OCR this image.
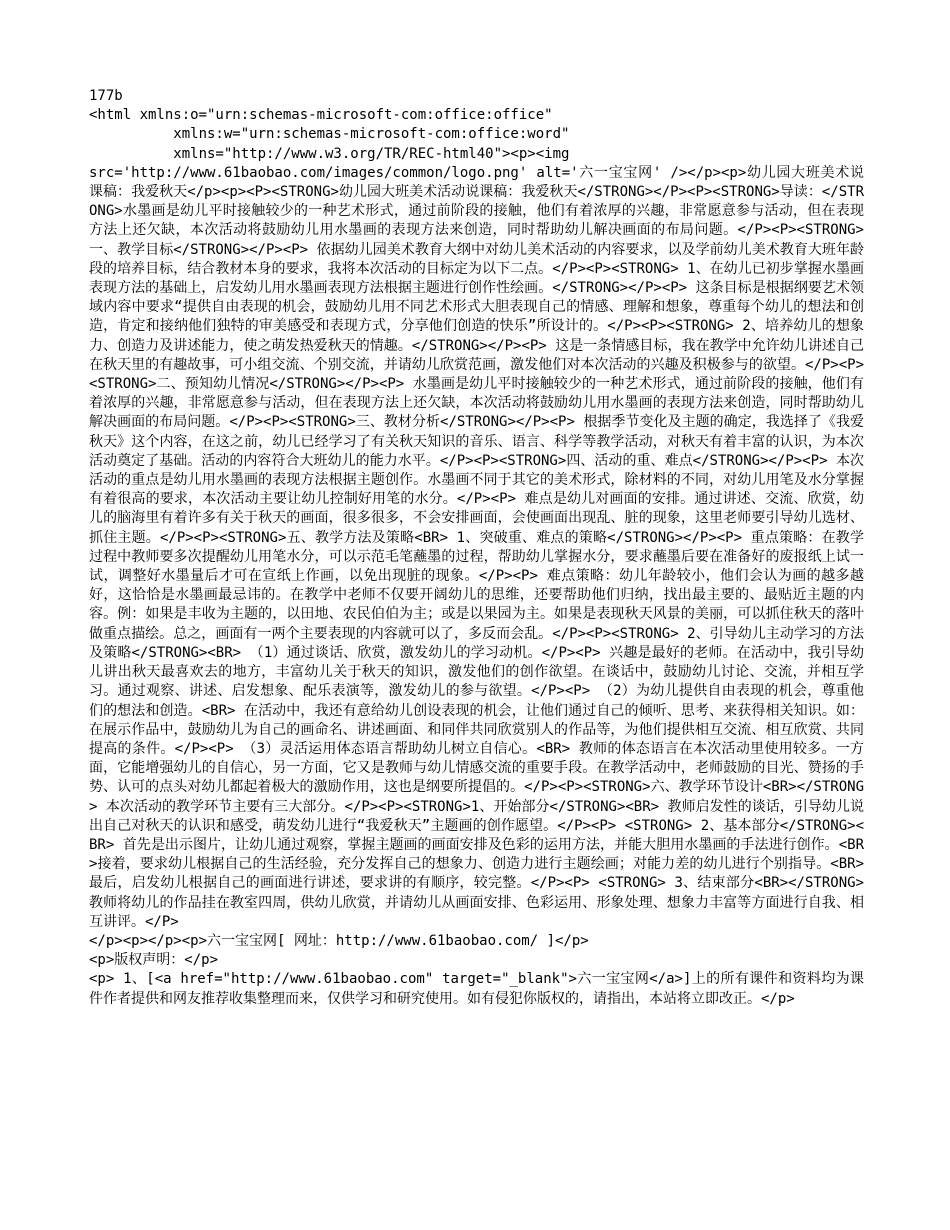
177b
<html xmlns:o="urn:schemas-microsoft-com:office:office"
xmlns:w="urn:schemas-microsoft-com:office:word"
xmlns="http://www.w3.org/TR/REC-html40"><p><img
src='http://www.61baobao.com/images/common/logo.png' alt='六一宝宝网' /></p><p>幼儿园大班美术说课稿：我爱秋天</p><p><P><STRONG>幼儿园大班美术活动说课稿：我爱秋天</STRONG></P><P><STRONG>导读：</STRONG>水墨画是幼儿平时接触较少的一种艺术形式，通过前阶段的接触，他们有着浓厚的兴趣，非常愿意参与活动，但在表现方法上还欠缺，本次活动将鼓励幼儿用水墨画的表现方法来创造，同时帮助幼儿解决画面的布局问题。</P><P><STRONG>一、教学目标</STRONG></P><P> 依据幼儿园美术教育大纲中对幼儿美术活动的内容要求，以及学前幼儿美术教育大班年龄段的培养目标，结合教材本身的要求，我将本次活动的目标定为以下二点。</P><P><STRONG> 1、在幼儿已初步掌握水墨画表现方法的基础上，启发幼儿用水墨画表现方法根据主题进行创作性绘画。</STRONG></P><P> 这条目标是根据纲要艺术领域内容中要求“提供自由表现的机会，鼓励幼儿用不同艺术形式大胆表现自己的情感、理解和想象，尊重每个幼儿的想法和创造，肯定和接纳他们独特的审美感受和表现方式，分享他们创造的快乐”所设计的。</P><P><STRONG> 2、培养幼儿的想象力、创造力及讲述能力，使之萌发热爱秋天的情趣。</STRONG></P><P> 这是一条情感目标，我在教学中允许幼儿讲述自己在秋天里的有趣故事，可小组交流、个别交流，并请幼儿欣赏范画，激发他们对本次活动的兴趣及积极参与的欲望。</P><P><STRONG>二、预知幼儿情况</STRONG></P><P> 水墨画是幼儿平时接触较少的一种艺术形式，通过前阶段的接触，他们有着浓厚的兴趣，非常愿意参与活动，但在表现方法上还欠缺，本次活动将鼓励幼儿用水墨画的表现方法来创造，同时帮助幼儿解决画面的布局问题。</P><P><STRONG>三、教材分析</STRONG></P><P> 根据季节变化及主题的确定，我选择了《我爱秋天》这个内容，在这之前，幼儿已经学习了有关秋天知识的音乐、语言、科学等教学活动，对秋天有着丰富的认识，为本次活动奠定了基础。活动的内容符合大班幼儿的能力水平。</P><P><STRONG>四、活动的重、难点</STRONG></P><P> 本次活动的重点是幼儿用水墨画的表现方法根据主题创作。水墨画不同于其它的美术形式，除材料的不同，对幼儿用笔及水分掌握有着很高的要求，本次活动主要让幼儿控制好用笔的水分。</P><P> 难点是幼儿对画面的安排。通过讲述、交流、欣赏，幼儿的脑海里有着许多有关于秋天的画面，很多很多，不会安排画面，会使画面出现乱、脏的现象，这里老师要引导幼儿选材、抓住主题。</P><P><STRONG>五、教学方法及策略<BR> 1、突破重、难点的策略</STRONG></P><P> 重点策略：在教学过程中教师要多次提醒幼儿用笔水分，可以示范毛笔蘸墨的过程，帮助幼儿掌握水分，要求蘸墨后要在准备好的废报纸上试一试，调整好水墨量后才可在宣纸上作画，以免出现脏的现象。</P><P> 难点策略：幼儿年龄较小，他们会认为画的越多越好，这恰恰是水墨画最忌讳的。在教学中老师不仅要开阔幼儿的思维，还要帮助他们归纳，找出最主要的、最贴近主题的内容。例：如果是丰收为主题的，以田地、农民伯伯为主；或是以果园为主。如果是表现秋天风景的美丽，可以抓住秋天的落叶做重点描绘。总之，画面有一两个主要表现的内容就可以了，多反而会乱。</P><P><STRONG> 2、引导幼儿主动学习的方法及策略</STRONG><BR> （1）通过谈话、欣赏，激发幼儿的学习动机。</P><P> 兴趣是最好的老师。在活动中，我引导幼儿讲出秋天最喜欢去的地方，丰富幼儿关于秋天的知识，激发他们的创作欲望。在谈话中，鼓励幼儿讨论、交流，并相互学习。通过观察、讲述、启发想象、配乐表演等，激发幼儿的参与欲望。</P><P> （2）为幼儿提供自由表现的机会，尊重他们的想法和创造。<BR> 在活动中，我还有意给幼儿创设表现的机会，让他们通过自己的倾听、思考、来获得相关知识。如：在展示作品中，鼓励幼儿为自己的画命名、讲述画面、和同伴共同欣赏别人的作品等，为他们提供相互交流、相互欣赏、共同提高的条件。</P><P> （3）灵活运用体态语言帮助幼儿树立自信心。<BR> 教师的体态语言在本次活动里使用较多。一方面，它能增强幼儿的自信心，另一方面，它又是教师与幼儿情感交流的重要手段。在教学活动中，老师鼓励的目光、赞扬的手势、认可的点头对幼儿都起着极大的激励作用，这也是纲要所提倡的。</P><P><STRONG>六、教学环节设计<BR></STRONG> 本次活动的教学环节主要有三大部分。</P><P><STRONG>1、开始部分</STRONG><BR> 教师启发性的谈话，引导幼儿说出自己对秋天的认识和感受，萌发幼儿进行“我爱秋天”主题画的创作愿望。</P><P> <STRONG> 2、基本部分</STRONG><BR> 首先是出示图片，让幼儿通过观察，掌握主题画的画面安排及色彩的运用方法，并能大胆用水墨画的手法进行创作。<BR>接着，要求幼儿根据自己的生活经验，充分发挥自己的想象力、创造力进行主题绘画；对能力差的幼儿进行个别指导。<BR> 最后，启发幼儿根据自己的画面进行讲述，要求讲的有顺序，较完整。</P><P> <STRONG> 3、结束部分<BR></STRONG> 教师将幼儿的作品挂在教室四周，供幼儿欣赏，并请幼儿从画面安排、色彩运用、形象处理、想象力丰富等方面进行自我、相互讲评。</P>
</p><p></p><p>六一宝宝网[ 网址：http://www.61baobao.com/ ]</p>
<p>版权声明：</p>
<p> 1、[<a href="http://www.61baobao.com" target="_blank">六一宝宝网</a>]上的所有课件和资料均为课件作者提供和网友推荐收集整理而来，仅供学习和研究使用。如有侵犯你版权的，请指出，本站将立即改正。</p>
